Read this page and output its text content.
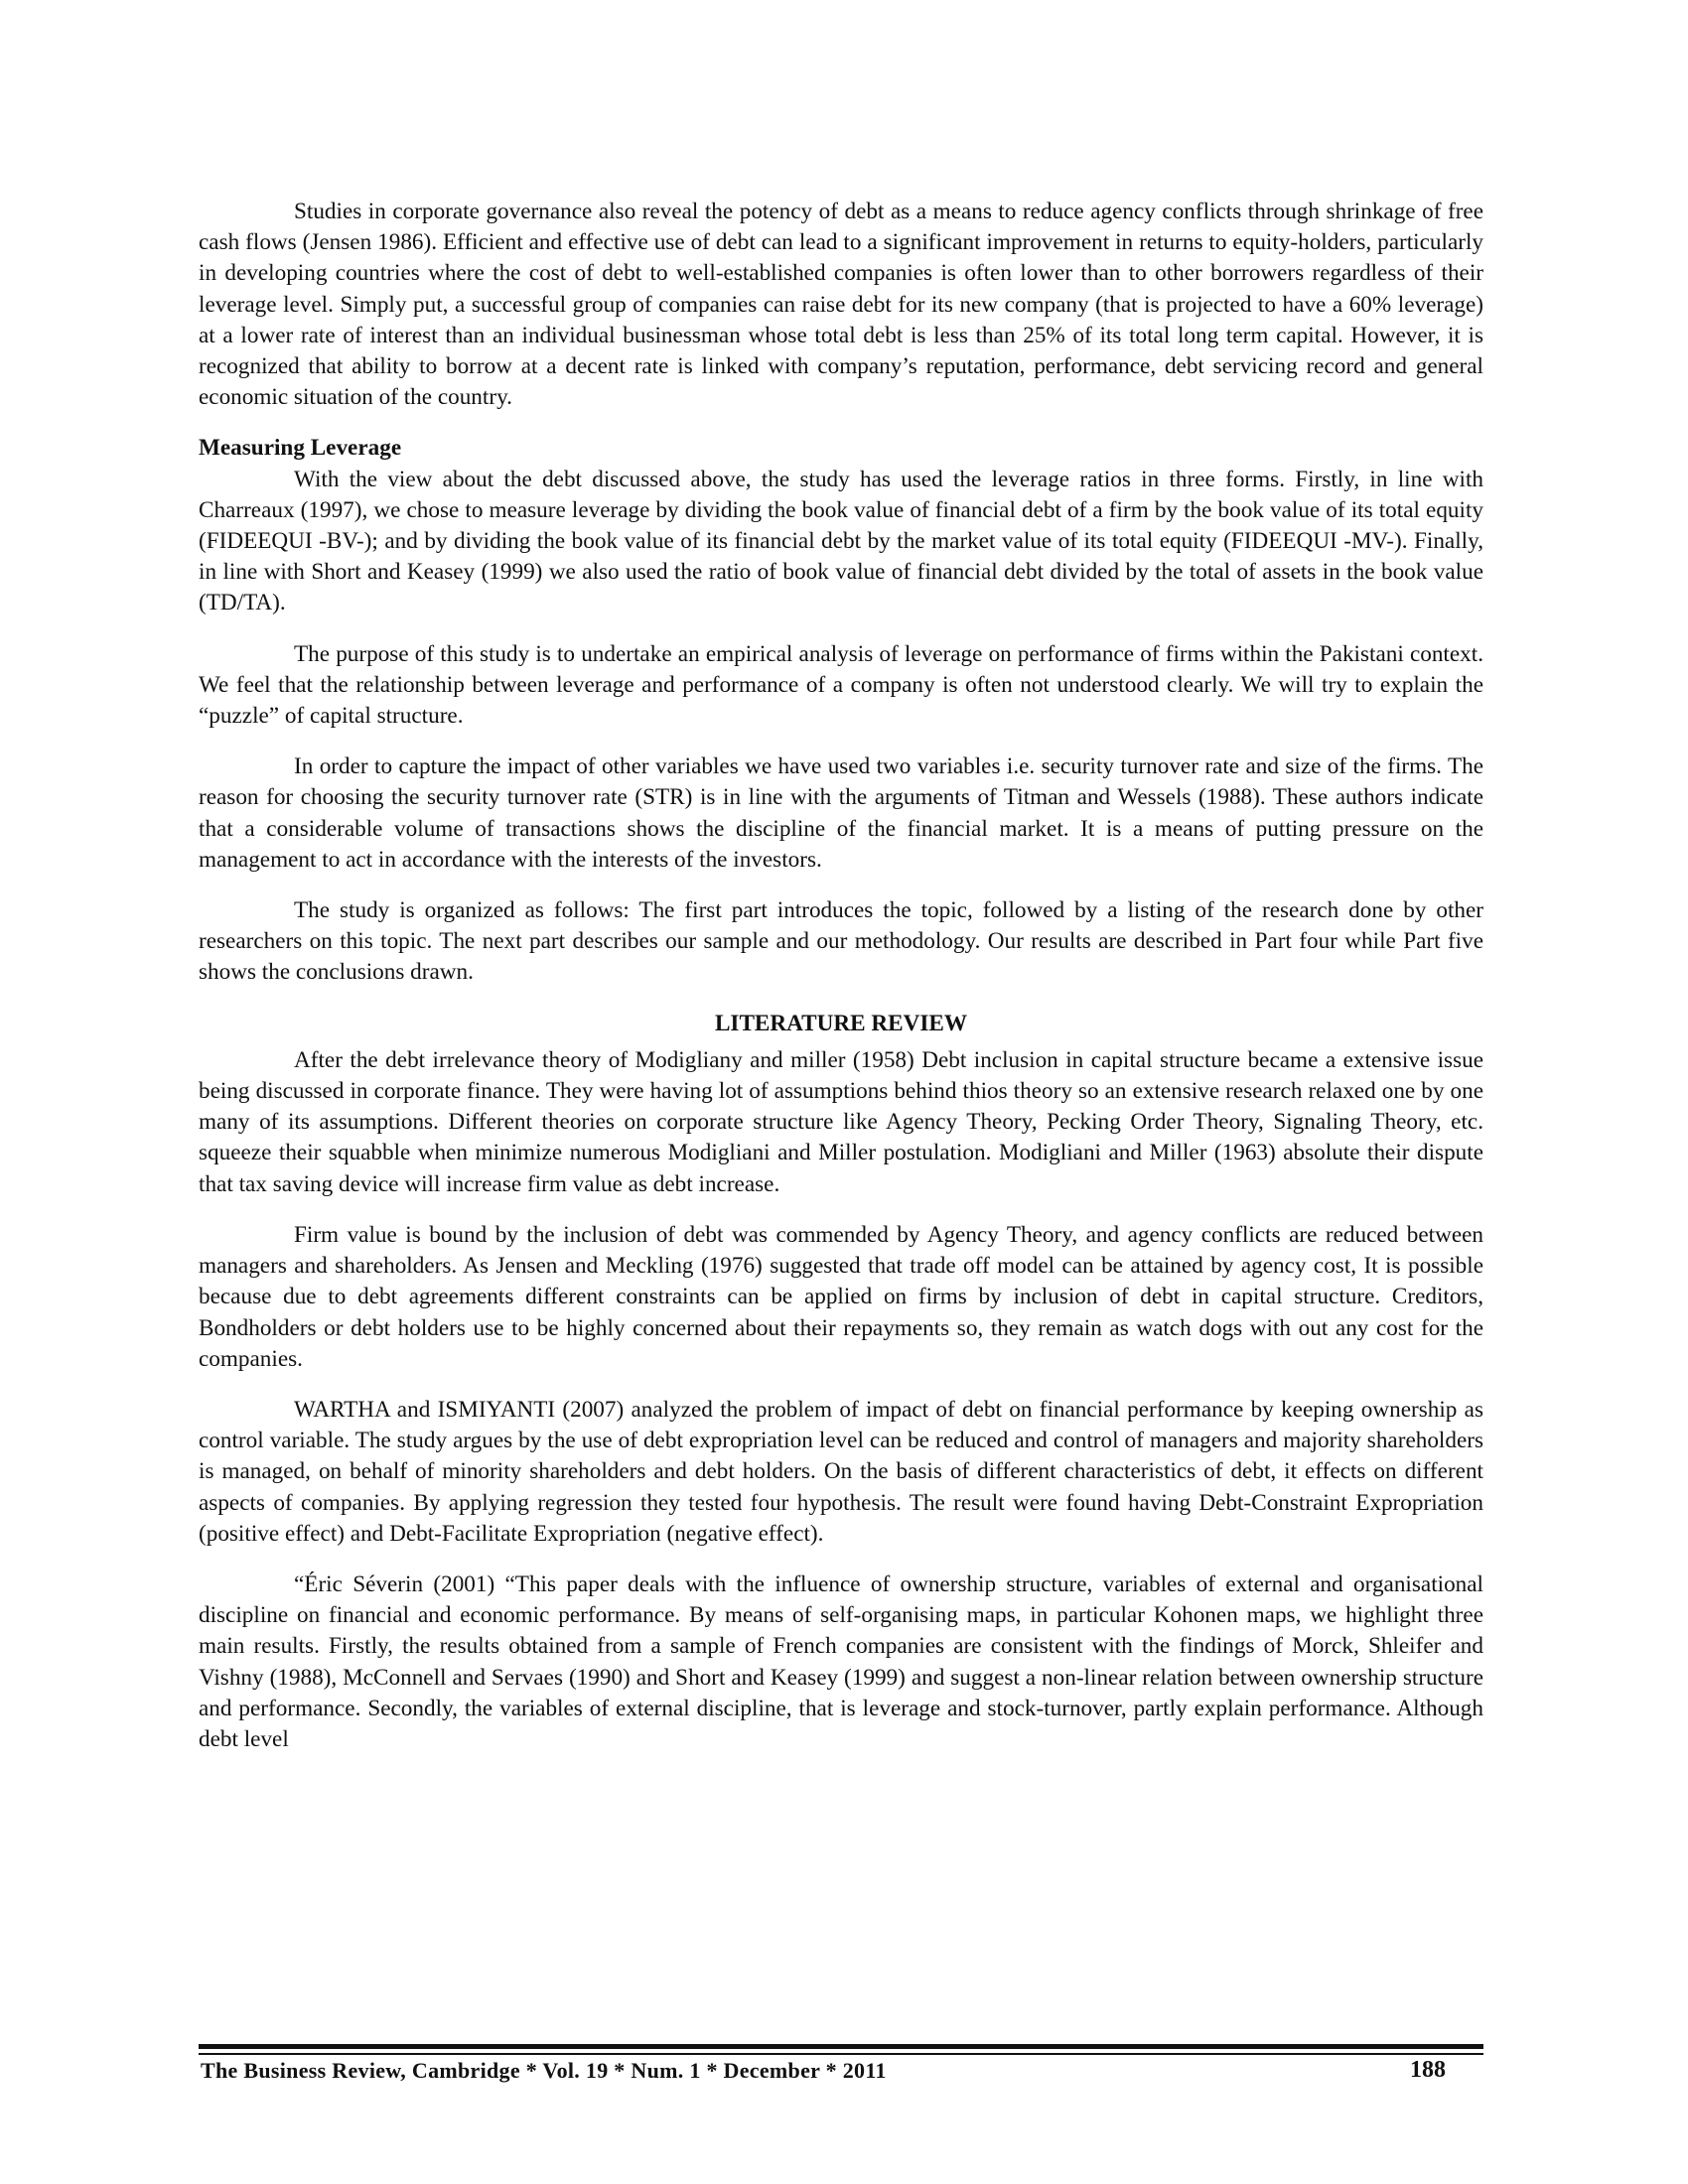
Studies in corporate governance also reveal the potency of debt as a means to reduce agency conflicts through shrinkage of free cash flows (Jensen 1986). Efficient and effective use of debt can lead to a significant improvement in returns to equity-holders, particularly in developing countries where the cost of debt to well-established companies is often lower than to other borrowers regardless of their leverage level. Simply put, a successful group of companies can raise debt for its new company (that is projected to have a 60% leverage) at a lower rate of interest than an individual businessman whose total debt is less than 25% of its total long term capital. However, it is recognized that ability to borrow at a decent rate is linked with company’s reputation, performance, debt servicing record and general economic situation of the country.

Measuring Leverage

With the view about the debt discussed above, the study has used the leverage ratios in three forms. Firstly, in line with Charreaux (1997), we chose to measure leverage by dividing the book value of financial debt of a firm by the book value of its total equity (FIDEEQUI -BV-); and by dividing the book value of its financial debt by the market value of its total equity (FIDEEQUI -MV-). Finally, in line with Short and Keasey (1999) we also used the ratio of book value of financial debt divided by the total of assets in the book value (TD/TA).

The purpose of this study is to undertake an empirical analysis of leverage on performance of firms within the Pakistani context. We feel that the relationship between leverage and performance of a company is often not understood clearly. We will try to explain the “puzzle” of capital structure.

In order to capture the impact of other variables we have used two variables i.e. security turnover rate and size of the firms. The reason for choosing the security turnover rate (STR) is in line with the arguments of Titman and Wessels (1988). These authors indicate that a considerable volume of transactions shows the discipline of the financial market. It is a means of putting pressure on the management to act in accordance with the interests of the investors.

The study is organized as follows: The first part introduces the topic, followed by a listing of the research done by other researchers on this topic. The next part describes our sample and our methodology. Our results are described in Part four while Part five shows the conclusions drawn.

LITERATURE REVIEW

After the debt irrelevance theory of Modigliany and miller (1958) Debt inclusion in capital structure became a extensive issue being discussed in corporate finance. They were having lot of assumptions behind thios theory so an extensive research relaxed one by one many of its assumptions. Different theories on corporate structure like Agency Theory, Pecking Order Theory, Signaling Theory, etc. squeeze their squabble when minimize numerous Modigliani and Miller postulation. Modigliani and Miller (1963) absolute their dispute that tax saving device will increase firm value as debt increase.

Firm value is bound by the inclusion of debt was commended by Agency Theory, and agency conflicts are reduced between managers and shareholders. As Jensen and Meckling (1976) suggested that trade off model can be attained by agency cost, It is possible because due to debt agreements different constraints can be applied on firms by inclusion of debt in capital structure. Creditors, Bondholders or debt holders use to be highly concerned about their repayments so, they remain as watch dogs with out any cost for the companies.

WARTHA and ISMIYANTI (2007) analyzed the problem of impact of debt on financial performance by keeping ownership as control variable. The study argues by the use of debt expropriation level can be reduced and control of managers and majority shareholders is managed, on behalf of minority shareholders and debt holders. On the basis of different characteristics of debt, it effects on different aspects of companies. By applying regression they tested four hypothesis. The result were found having Debt-Constraint Expropriation (positive effect) and Debt-Facilitate Expropriation (negative effect).

“Éric Séverin (2001) “This paper deals with the influence of ownership structure, variables of external and organisational discipline on financial and economic performance. By means of self-organising maps, in particular Kohonen maps, we highlight three main results. Firstly, the results obtained from a sample of French companies are consistent with the findings of Morck, Shleifer and Vishny (1988), McConnell and Servaes (1990) and Short and Keasey (1999) and suggest a non-linear relation between ownership structure and performance. Secondly, the variables of external discipline, that is leverage and stock-turnover, partly explain performance. Although debt level

The Business Review, Cambridge * Vol. 19 * Num. 1 * December * 2011	188
